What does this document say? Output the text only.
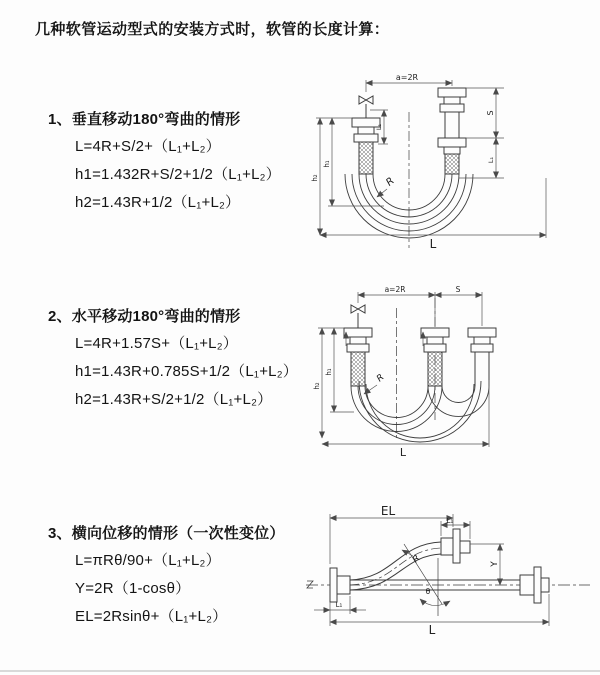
几种软管运动型式的安装方式时，软管的长度计算：
1、垂直移动180°弯曲的情形
L=4R+S/2+（L₁+L₂）
h1=1.432R+S/2+1/2（L₁+L₂）
h2=1.43R+1/2（L₁+L₂）
2、水平移动180°弯曲的情形
L=4R+1.57S+（L₁+L₂）
h1=1.43R+0.785S+1/2（L₁+L₂）
h2=1.43R+S/2+1/2（L₁+L₂）
3、横向位移的情形（一次性变位）
L=πRθ/90+（L₁+L₂）
Y=2R（1-cosθ）
EL=2Rsinθ+（L₁+L₂）
a=2R
S
L₁
L₁
h₁
h₂	R
L
a=2R	S
h₁
h₂
R
L
EL
L₁
Y
R
θ
L
L₁
